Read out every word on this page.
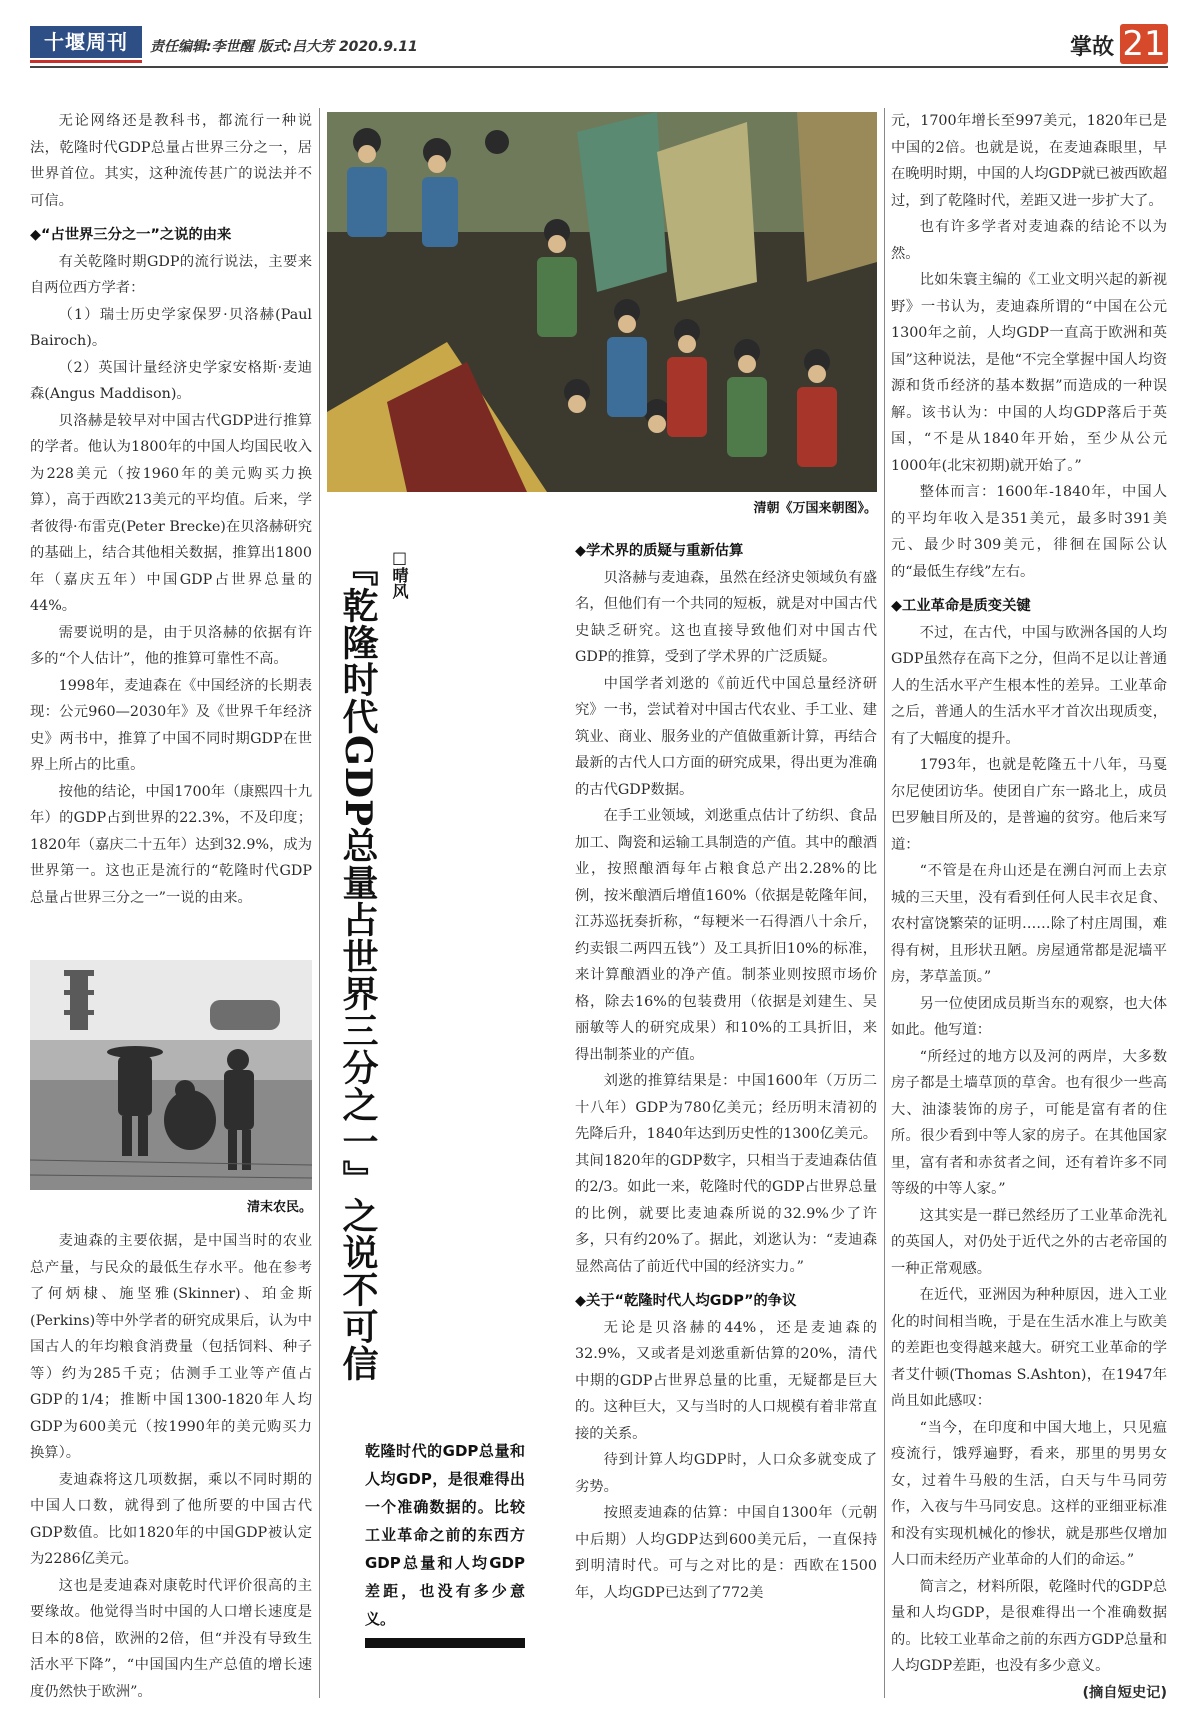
十堰周刊	责任编辑:李世醒 版式:吕大芳 2020.9.11	掌故 21

无论网络还是教科书，都流行一种说法，乾隆时代GDP总量占世界三分之一，居世界首位。其实，这种流传甚广的说法并不可信。

◆“占世界三分之一”之说的由来

有关乾隆时期GDP的流行说法，主要来自两位西方学者：

（1）瑞士历史学家保罗·贝洛赫(Paul Bairoch)。

（2）英国计量经济史学家安格斯·麦迪森(Angus Maddison)。

贝洛赫是较早对中国古代GDP进行推算的学者。他认为1800年的中国人均国民收入为228美元（按1960年的美元购买力换算），高于西欧213美元的平均值。后来，学者彼得·布雷克(Peter Brecke)在贝洛赫研究的基础上，结合其他相关数据，推算出1800年（嘉庆五年）中国GDP占世界总量的44%。

需要说明的是，由于贝洛赫的依据有许多的“个人估计”，他的推算可靠性不高。

1998年，麦迪森在《中国经济的长期表现：公元960—2030年》及《世界千年经济史》两书中，推算了中国不同时期GDP在世界上所占的比重。

按他的结论，中国1700年（康熙四十九年）的GDP占到世界的22.3%，不及印度；1820年（嘉庆二十五年）达到32.9%，成为世界第一。这也正是流行的“乾隆时代GDP总量占世界三分之一”一说的由来。

清末农民。

麦迪森的主要依据，是中国当时的农业总产量，与民众的最低生存水平。他在参考了何炳棣、施坚雅(Skinner)、珀金斯(Perkins)等中外学者的研究成果后，认为中国古人的年均粮食消费量（包括饲料、种子等）约为285千克；估测手工业等产值占GDP的1/4；推断中国1300-1820年人均GDP为600美元（按1990年的美元购买力换算）。

麦迪森将这几项数据，乘以不同时期的中国人口数，就得到了他所要的中国古代GDP数值。比如1820年的中国GDP被认定为2286亿美元。

这也是麦迪森对康乾时代评价很高的主要缘故。他觉得当时中国的人口增长速度是日本的8倍，欧洲的2倍，但“并没有导致生活水平下降”，“中国国内生产总值的增长速度仍然快于欧洲”。

清朝《万国来朝图》。
『乾隆时代GDP总量占世界三分之一』之说不可信 □晴风
乾隆时代的GDP总量和人均GDP，是很难得出一个准确数据的。比较工业革命之前的东西方GDP总量和人均GDP差距，也没有多少意义。
◆学术界的质疑与重新估算

贝洛赫与麦迪森，虽然在经济史领域负有盛名，但他们有一个共同的短板，就是对中国古代史缺乏研究。这也直接导致他们对中国古代GDP的推算，受到了学术界的广泛质疑。

中国学者刘逖的《前近代中国总量经济研究》一书，尝试着对中国古代农业、手工业、建筑业、商业、服务业的产值做重新计算，再结合最新的古代人口方面的研究成果，得出更为准确的古代GDP数据。

在手工业领域，刘逖重点估计了纺织、食品加工、陶瓷和运输工具制造的产值。其中的酿酒业，按照酿酒每年占粮食总产出2.28%的比例，按米酿酒后增值160%（依据是乾隆年间，江苏巡抚奏折称，“每粳米一石得酒八十余斤，约卖银二两四五钱”）及工具折旧10%的标准，来计算酿酒业的净产值。制茶业则按照市场价格，除去16%的包装费用（依据是刘建生、吴丽敏等人的研究成果）和10%的工具折旧，来得出制茶业的产值。

刘逖的推算结果是：中国1600年（万历二十八年）GDP为780亿美元；经历明末清初的先降后升，1840年达到历史性的1300亿美元。其间1820年的GDP数字，只相当于麦迪森估值的2/3。如此一来，乾隆时代的GDP占世界总量的比例，就要比麦迪森所说的32.9%少了许多，只有约20%了。据此，刘逖认为：“麦迪森显然高估了前近代中国的经济实力。”

◆关于“乾隆时代人均GDP”的争议

无论是贝洛赫的44%，还是麦迪森的32.9%，又或者是刘逖重新估算的20%，清代中期的GDP占世界总量的比重，无疑都是巨大的。这种巨大，又与当时的人口规模有着非常直接的关系。

待到计算人均GDP时，人口众多就变成了劣势。

按照麦迪森的估算：中国自1300年（元朝中后期）人均GDP达到600美元后，一直保持到明清时代。可与之对比的是：西欧在1500年，人均GDP已达到了772美

元，1700年增长至997美元，1820年已是中国的2倍。也就是说，在麦迪森眼里，早在晚明时期，中国的人均GDP就已被西欧超过，到了乾隆时代，差距又进一步扩大了。

也有许多学者对麦迪森的结论不以为然。

比如朱寰主编的《工业文明兴起的新视野》一书认为，麦迪森所谓的“中国在公元1300年之前，人均GDP一直高于欧洲和英国”这种说法，是他“不完全掌握中国人均资源和货币经济的基本数据”而造成的一种误解。该书认为：中国的人均GDP落后于英国，“不是从1840年开始，至少从公元1000年(北宋初期)就开始了。”

整体而言：1600年-1840年，中国人的平均年收入是351美元，最多时391美元、最少时309美元，徘徊在国际公认的“最低生存线”左右。

◆工业革命是质变关键

不过，在古代，中国与欧洲各国的人均GDP虽然存在高下之分，但尚不足以让普通人的生活水平产生根本性的差异。工业革命之后，普通人的生活水平才首次出现质变，有了大幅度的提升。

1793年，也就是乾隆五十八年，马戛尔尼使团访华。使团自广东一路北上，成员巴罗触目所及的，是普遍的贫穷。他后来写道：

“不管是在舟山还是在溯白河而上去京城的三天里，没有看到任何人民丰衣足食、农村富饶繁荣的证明……除了村庄周围，难得有树，且形状丑陋。房屋通常都是泥墙平房，茅草盖顶。”

另一位使团成员斯当东的观察，也大体如此。他写道：

“所经过的地方以及河的两岸，大多数房子都是土墙草顶的草舍。也有很少一些高大、油漆装饰的房子，可能是富有者的住所。很少看到中等人家的房子。在其他国家里，富有者和赤贫者之间，还有着许多不同等级的中等人家。”

这其实是一群已然经历了工业革命洗礼的英国人，对仍处于近代之外的古老帝国的一种正常观感。

在近代，亚洲因为种种原因，进入工业化的时间相当晚，于是在生活水准上与欧美的差距也变得越来越大。研究工业革命的学者艾什顿(Thomas S.Ashton)，在1947年尚且如此感叹：

“当今，在印度和中国大地上，只见瘟疫流行，饿殍遍野，看来，那里的男男女女，过着牛马般的生活，白天与牛马同劳作，入夜与牛马同安息。这样的亚细亚标准和没有实现机械化的惨状，就是那些仅增加人口而未经历产业革命的人们的命运。”

简言之，材料所限，乾隆时代的GDP总量和人均GDP，是很难得出一个准确数据的。比较工业革命之前的东西方GDP总量和人均GDP差距，也没有多少意义。

(摘自短史记)
